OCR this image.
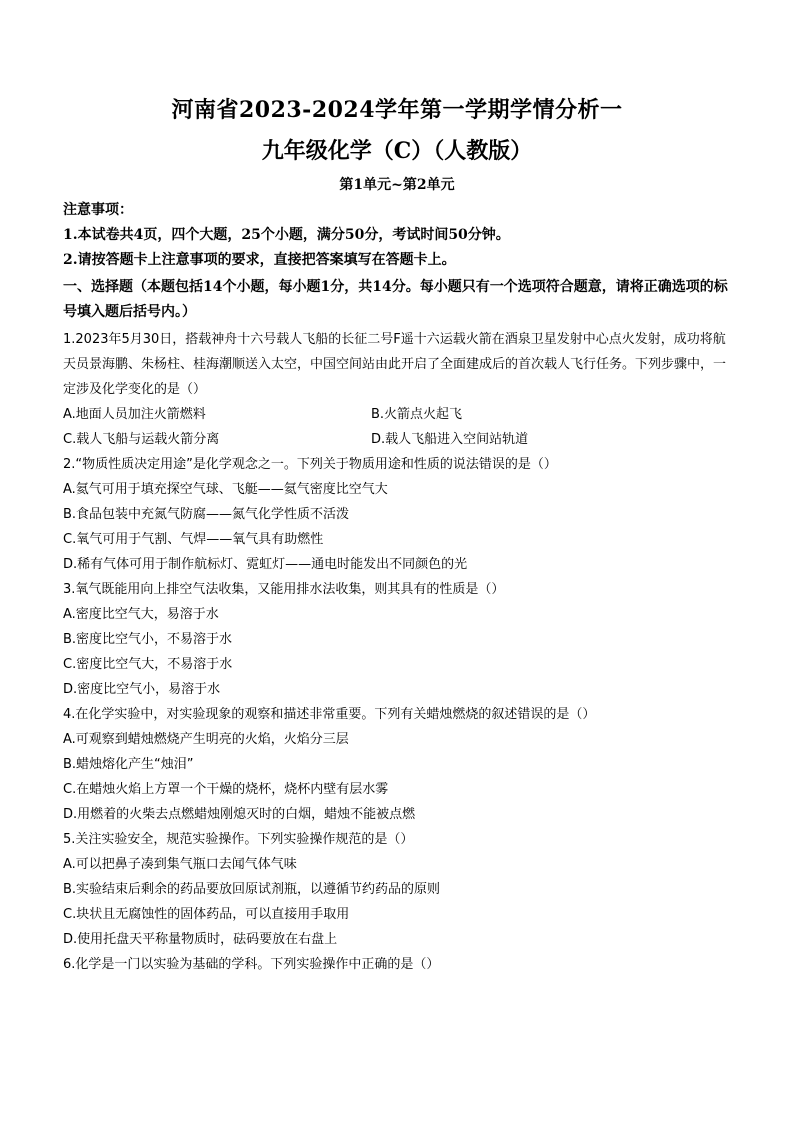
河南省2023-2024学年第一学期学情分析一
九年级化学（C）（人教版）
第1单元~第2单元
注意事项：
1.本试卷共4页，四个大题，25个小题，满分50分，考试时间50分钟。
2.请按答题卡上注意事项的要求，直接把答案填写在答题卡上。
一、选择题（本题包括14个小题，每小题1分，共14分。每小题只有一个选项符合题意，请将正确选项的标号填入题后括号内。）
1.2023年5月30日，搭载神舟十六号载人飞船的长征二号F遥十六运载火箭在酒泉卫星发射中心点火发射，成功将航天员景海鹏、朱杨柱、桂海潮顺送入太空，中国空间站由此开启了全面建成后的首次载人飞行任务。下列步骤中，一定涉及化学变化的是（）
A.地面人员加注火箭燃料	B.火箭点火起飞
C.载人飞船与运载火箭分离	D.载人飞船进入空间站轨道
2.“物质性质决定用途”是化学观念之一。下列关于物质用途和性质的说法错误的是（）
A.氦气可用于填充探空气球、飞艇——氦气密度比空气大
B.食品包装中充氮气防腐——氮气化学性质不活泼
C.氧气可用于气割、气焊——氧气具有助燃性
D.稀有气体可用于制作航标灯、霓虹灯——通电时能发出不同颜色的光
3.氧气既能用向上排空气法收集，又能用排水法收集，则其具有的性质是（）
A.密度比空气大，易溶于水
B.密度比空气小，不易溶于水
C.密度比空气大，不易溶于水
D.密度比空气小，易溶于水
4.在化学实验中，对实验现象的观察和描述非常重要。下列有关蜡烛燃烧的叙述错误的是（）
A.可观察到蜡烛燃烧产生明亮的火焰，火焰分三层
B.蜡烛熔化产生“烛泪”
C.在蜡烛火焰上方罩一个干燥的烧杯，烧杯内壁有层水雾
D.用燃着的火柴去点燃蜡烛刚熄灭时的白烟，蜡烛不能被点燃
5.关注实验安全，规范实验操作。下列实验操作规范的是（）
A.可以把鼻子凑到集气瓶口去闻气体气味
B.实验结束后剩余的药品要放回原试剂瓶，以遵循节约药品的原则
C.块状且无腐蚀性的固体药品，可以直接用手取用
D.使用托盘天平称量物质时，砝码要放在右盘上
6.化学是一门以实验为基础的学科。下列实验操作中正确的是（）
